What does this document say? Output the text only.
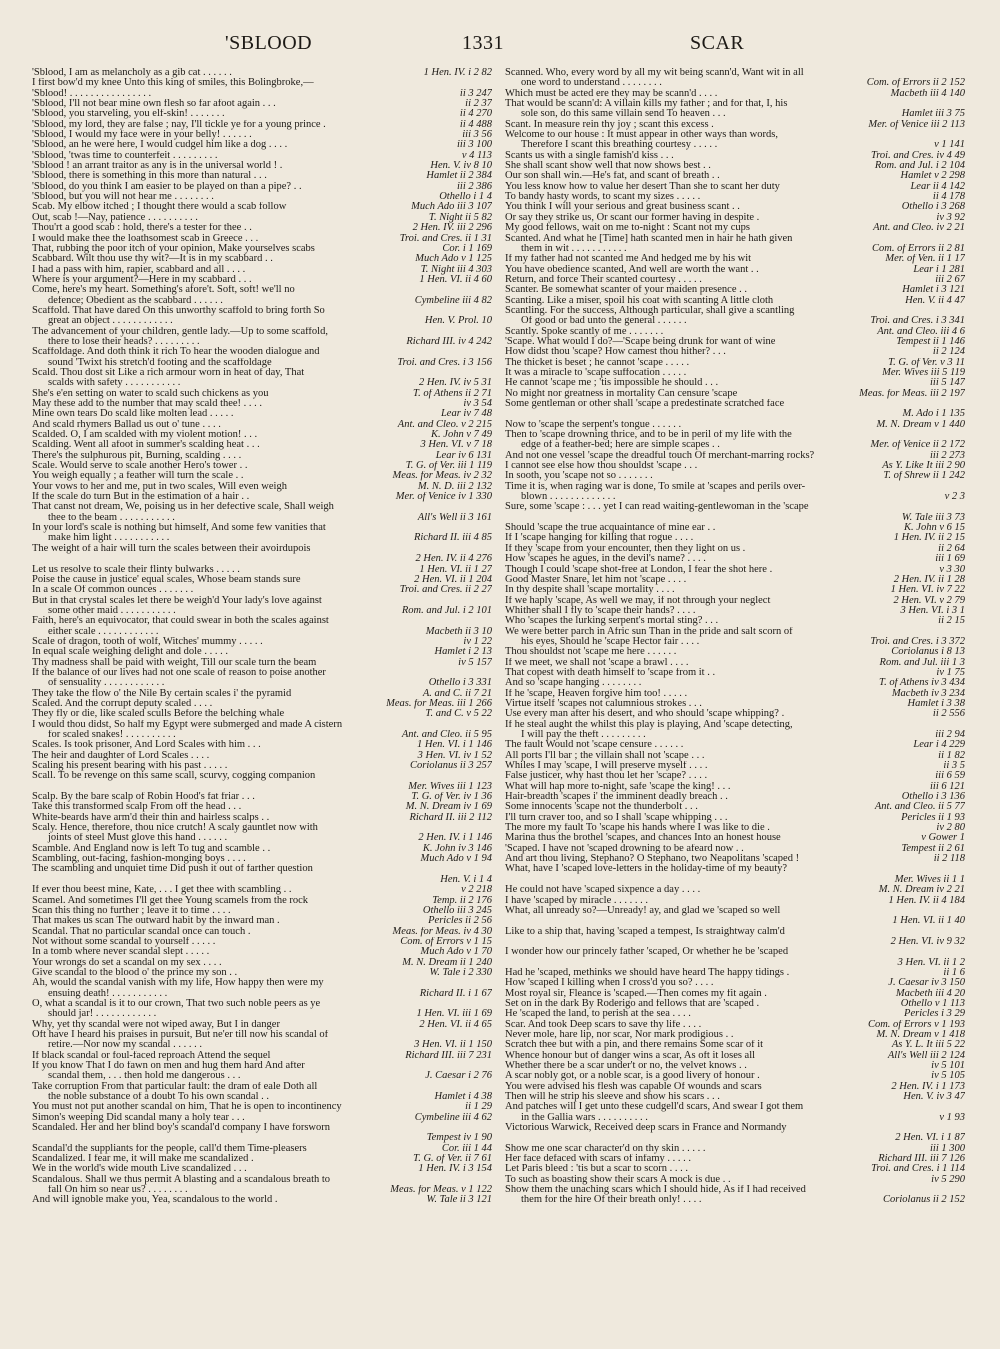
'SBLOOD	1331	SCAR
'Sblood, I am as melancholy as a gib cat . . . . . .	1 Hen. IV. i 2 82
I first bow'd my knee Unto this king of smiles, this Bolingbroke,—
'Sblood! . . . . . . . . . . . . . . . .	ii 3 247
'Sblood, I'll not bear mine own flesh so far afoot again . . .	ii 2 37
'Sblood, you starveling, you elf-skin! . . . . . . .	ii 4 270
'Sblood, my lord, they are false ; nay, I'll tickle ye for a young prince .	ii 4 488
'Sblood, I would my face were in your belly! . . . . . .	iii 3 56
'Sblood, an he were here, I would cudgel him like a dog . . . .	iii 3 100
'Sblood, 'twas time to counterfeit . . . . . . . . .	v 4 113
'Sblood ! an arrant traitor as any is in the universal world ! .	Hen. V. iv 8 10
'Sblood, there is something in this more than natural . . .	Hamlet ii 2 384
'Sblood, do you think I am easier to be played on than a pipe? . .	iii 2 386
'Sblood, but you will not hear me . . . . . . . .	Othello i 1 4
Scab. My elbow itched ; I thought there would a scab follow	Much Ado iii 3 107
Out, scab !—Nay, patience . . . . . . . . . .	T. Night ii 5 82
Thou'rt a good scab : hold, there's a tester for thee . .	2 Hen. IV. iii 2 296
I would make thee the loathsomest scab in Greece . . .	Troi. and Cres. ii 1 31
That, rubbing the poor itch of your opinion, Make yourselves scabs	Cor. i 1 169
Scabbard. Wilt thou use thy wit?—It is in my scabbard . .	Much Ado v 1 125
I had a pass with him, rapier, scabbard and all . . . .	T. Night iii 4 303
Where is your argument?—Here in my scabbard . . .	1 Hen. VI. ii 4 60
Come, here's my heart. Something's afore't. Soft, soft! we'll no
defence; Obedient as the scabbard . . . . . .	Cymbeline iii 4 82
Scaffold. That have dared On this unworthy scaffold to bring forth So
great an object . . . . . . . . . . . .	Hen. V. Prol. 10
The advancement of your children, gentle lady.—Up to some scaffold,
there to lose their heads? . . . . . . . . .	Richard III. iv 4 242
Scaffoldage. And doth think it rich To hear the wooden dialogue and
sound 'Twixt his stretch'd footing and the scaffoldage	Troi. and Cres. i 3 156
Scald. Thou dost sit Like a rich armour worn in heat of day, That
scalds with safety . . . . . . . . . . .	2 Hen. IV. iv 5 31
She's e'en setting on water to scald such chickens as you	T. of Athens ii 2 71
May these add to the number that may scald thee! . . . .	iv 3 54
Mine own tears Do scald like molten lead . . . . .	Lear iv 7 48
And scald rhymers Ballad us out o' tune . . . .	Ant. and Cleo. v 2 215
Scalded. O, I am scalded with my violent motion! . . .	K. John v 7 49
Scalding. Went all afoot in summer's scalding heat . . .	3 Hen. VI. v 7 18
There's the sulphurous pit, Burning, scalding . . . .	Lear iv 6 131
Scale. Would serve to scale another Hero's tower . .	T. G. of Ver. iii 1 119
You weigh equally ; a feather will turn the scale . .	Meas. for Meas. iv 2 32
Your vows to her and me, put in two scales, Will even weigh	M. N. D. iii 2 132
If the scale do turn But in the estimation of a hair . .	Mer. of Venice iv 1 330
That canst not dream, We, poising us in her defective scale, Shall weigh
thee to the beam . . . . . . . . . . .	All's Well ii 3 161
In your lord's scale is nothing but himself, And some few vanities that
make him light . . . . . . . . . . .	Richard II. iii 4 85
The weight of a hair will turn the scales between their avoirdupois
2 Hen. IV. ii 4 276
Let us resolve to scale their flinty bulwarks . . . . .	1 Hen. VI. ii 1 27
Poise the cause in justice' equal scales, Whose beam stands sure	2 Hen. VI. ii 1 204
In a scale Of common ounces . . . . . . .	Troi. and Cres. ii 2 27
But in that crystal scales let there be weigh'd Your lady's love against
some other maid . . . . . . . . . . .	Rom. and Jul. i 2 101
Faith, here's an equivocator, that could swear in both the scales against
either scale . . . . . . . . . . . .	Macbeth ii 3 10
Scale of dragon, tooth of wolf, Witches' mummy . . . . .	iv 1 22
In equal scale weighing delight and dole . . . . .	Hamlet i 2 13
Thy madness shall be paid with weight, Till our scale turn the beam	iv 5 157
If the balance of our lives had not one scale of reason to poise another
of sensuality . . . . . . . . . . . .	Othello i 3 331
They take the flow o' the Nile By certain scales i' the pyramid	A. and C. ii 7 21
Scaled. And the corrupt deputy scaled . . . .	Meas. for Meas. iii 1 266
They fly or die, like scaled sculls Before the belching whale	T. and C. v 5 22
I would thou didst, So half my Egypt were submerged and made A cistern
for scaled snakes! . . . . . . . . . .	Ant. and Cleo. ii 5 95
Scales. Is took prisoner, And Lord Scales with him . . .	1 Hen. VI. i 1 146
The heir and daughter of Lord Scales . . . .	3 Hen. VI. iv 1 52
Scaling his present bearing with his past . . . . .	Coriolanus ii 3 257
Scall. To be revenge on this same scall, scurvy, cogging companion
Mer. Wives iii 1 123
Scalp. By the bare scalp of Robin Hood's fat friar . . .	T. G. of Ver. iv 1 36
Take this transformed scalp From off the head . . .	M. N. Dream iv 1 69
White-beards have arm'd their thin and hairless scalps . .	Richard II. iii 2 112
Scaly. Hence, therefore, thou nice crutch! A scaly gauntlet now with
joints of steel Must glove this hand . . . . . .	2 Hen. IV. i 1 146
Scamble. And England now is left To tug and scamble . .	K. John iv 3 146
Scambling, out-facing, fashion-monging boys . . . .	Much Ado v 1 94
The scambling and unquiet time Did push it out of farther question
Hen. V. i 1 4
If ever thou beest mine, Kate, . . . I get thee with scambling . .	v 2 218
Scamel. And sometimes I'll get thee Young scamels from the rock	Temp. ii 2 176
Scan this thing no further ; leave it to time . . . .	Othello iii 3 245
That makes us scan The outward habit by the inward man .	Pericles ii 2 56
Scandal. That no particular scandal once can touch .	Meas. for Meas. iv 4 30
Not without some scandal to yourself . . . . .	Com. of Errors v 1 15
In a tomb where never scandal slept . . . . .	Much Ado v 1 70
Your wrongs do set a scandal on my sex . . . .	M. N. Dream ii 1 240
Give scandal to the blood o' the prince my son . .	W. Tale i 2 330
Ah, would the scandal vanish with my life, How happy then were my
ensuing death! . . . . . . . . . . .	Richard II. i 1 67
O, what a scandal is it to our crown, That two such noble peers as ye
should jar! . . . . . . . . . . . .	1 Hen. VI. iii 1 69
Why, yet thy scandal were not wiped away, But I in danger	2 Hen. VI. ii 4 65
Oft have I heard his praises in pursuit, But ne'er till now his scandal of
retire.—Nor now my scandal . . . . . .	3 Hen. VI. ii 1 150
If black scandal or foul-faced reproach Attend the sequel	Richard III. iii 7 231
If you know That I do fawn on men and hug them hard And after
scandal them, . . . then hold me dangerous . . .	J. Caesar i 2 76
Take corruption From that particular fault: the dram of eale Doth all
the noble substance of a doubt To his own scandal . .	Hamlet i 4 38
You must not put another scandal on him, That he is open to incontinency	ii 1 29
Simon's weeping Did scandal many a holy tear . . .	Cymbeline iii 4 62
Scandaled. Her and her blind boy's scandal'd company I have forsworn
Tempest iv 1 90
Scandal'd the suppliants for the people, call'd them Time-pleasers	Cor. iii 1 44
Scandalized. I fear me, it will make me scandalized .	T. G. of Ver. ii 7 61
We in the world's wide mouth Live scandalized . . .	1 Hen. IV. i 3 154
Scandalous. Shall we thus permit A blasting and a scandalous breath to
fall On him so near us? . . . . . . . .	Meas. for Meas. v 1 122
And will ignoble make you, Yea, scandalous to the world .	W. Tale ii 3 121
Scanned. Who, every word by all my wit being scann'd, Want wit in all
one word to understand . . . . . . . .	Com. of Errors ii 2 152
Which must be acted ere they may be scann'd . . . .	Macbeth iii 4 140
That would be scann'd: A villain kills my father ; and for that, I, his
sole son, do this same villain send To heaven . . .	Hamlet iii 3 75
Scant. In measure rein thy joy ; scant this excess .	Mer. of Venice iii 2 113
Welcome to our house : It must appear in other ways than words,
Therefore I scant this breathing courtesy . . . . .	v 1 141
Scants us with a single famish'd kiss . . .	Troi. and Cres. iv 4 49
She shall scant show well that now shows best . .	Rom. and Jul. i 2 104
Our son shall win.—He's fat, and scant of breath . .	Hamlet v 2 298
You less know how to value her desert Than she to scant her duty	Lear ii 4 142
To bandy hasty words, to scant my sizes . . . . .	ii 4 178
You think I will your serious and great business scant . .	Othello i 3 268
Or say they strike us, Or scant our former having in despite .	iv 3 92
My good fellows, wait on me to-night : Scant not my cups	Ant. and Cleo. iv 2 21
Scanted. And what he [Time] hath scanted men in hair he hath given
them in wit . . . . . . . . . . .	Com. of Errors ii 2 81
If my father had not scanted me And hedged me by his wit	Mer. of Ven. ii 1 17
You have obedience scanted, And well are worth the want . .	Lear i 1 281
Return, and force Their scanted courtesy . . . . .	iii 2 67
Scanter. Be somewhat scanter of your maiden presence . .	Hamlet i 3 121
Scanting. Like a miser, spoil his coat with scanting A little cloth	Hen. V. ii 4 47
Scantling. For the success, Although particular, shall give a scantling
Of good or bad unto the general . . . . . .	Troi. and Cres. i 3 341
Scantly. Spoke scantly of me . . . . . . .	Ant. and Cleo. iii 4 6
'Scape. What would I do?—'Scape being drunk for want of wine	Tempest ii 1 146
How didst thou 'scape? How camest thou hither? . . .	ii 2 124
The thicket is beset ; he cannot 'scape . . . . .	T. G. of Ver. v 3 11
It was a miracle to 'scape suffocation . . . . .	Mer. Wives iii 5 119
He cannot 'scape me ; 'tis impossible he should . . .	iii 5 147
No might nor greatness in mortality Can censure 'scape	Meas. for Meas. iii 2 197
Some gentleman or other shall 'scape a predestinate scratched face
M. Ado i 1 135
Now to 'scape the serpent's tongue . . . . . .	M. N. Dream v 1 440
Then to 'scape drowning thrice, and to be in peril of my life with the
edge of a feather-bed; here are simple scapes . .	Mer. of Venice ii 2 172
And not one vessel 'scape the dreadful touch Of merchant-marring rocks?	iii 2 273
I cannot see else how thou shouldst 'scape . . .	As Y. Like It iii 2 90
In sooth, you 'scape not so . . . . . . .	T. of Shrew ii 1 242
Time it is, when raging war is done, To smile at 'scapes and perils over-
blown . . . . . . . . . . . . .	v 2 3
Sure, some 'scape : . . . yet I can read waiting-gentlewoman in the 'scape
W. Tale iii 3 73
Should 'scape the true acquaintance of mine ear . .	K. John v 6 15
If I 'scape hanging for killing that rogue . . . .	1 Hen. IV. ii 2 15
If they 'scape from your encounter, then they light on us .	ii 2 64
How 'scapes he agues, in the devil's name? . . . .	iii 1 69
Though I could 'scape shot-free at London, I fear the shot here .	v 3 30
Good Master Snare, let him not 'scape . . . .	2 Hen. IV. ii 1 28
In thy despite shall 'scape mortality . . . .	1 Hen. VI. iv 7 22
If we haply 'scape, As well we may, if not through your neglect	2 Hen. VI. v 2 79
Whither shall I fly to 'scape their hands? . . . .	3 Hen. VI. i 3 1
Who 'scapes the lurking serpent's mortal sting? . . .	ii 2 15
We were better parch in Afric sun Than in the pride and salt scorn of
his eyes, Should he 'scape Hector fair . . . .	Troi. and Cres. i 3 372
Thou shouldst not 'scape me here . . . . . .	Coriolanus i 8 13
If we meet, we shall not 'scape a brawl . . . .	Rom. and Jul. iii 1 3
That copest with death himself to 'scape from it . .	iv 1 75
And so 'scape hanging . . . . . . . .	T. of Athens iv 3 434
If he 'scape, Heaven forgive him too! . . . . .	Macbeth iv 3 234
Virtue itself 'scapes not calumnious strokes . . .	Hamlet i 3 38
Use every man after his desert, and who should 'scape whipping? .	ii 2 556
If he steal aught the whilst this play is playing, And 'scape detecting,
I will pay the theft . . . . . . . . .	iii 2 94
The fault Would not 'scape censure . . . . . .	Lear i 4 229
All ports I'll bar ; the villain shall not 'scape . . .	ii 1 82
Whiles I may 'scape, I will preserve myself . . . .	ii 3 5
False justicer, why hast thou let her 'scape? . . . .	iii 6 59
What will hap more to-night, safe 'scape the king! . . .	iii 6 121
Hair-breadth 'scapes i' the imminent deadly breach . .	Othello i 3 136
Some innocents 'scape not the thunderbolt . . .	Ant. and Cleo. ii 5 77
I'll turn craver too, and so I shall 'scape whipping . . .	Pericles ii 1 93
The more my fault To 'scape his hands where I was like to die .	iv 2 80
Marina thus the brothel 'scapes, and chances Into an honest house	v Gower 1
'Scaped. I have not 'scaped drowning to be afeard now . .	Tempest ii 2 61
And art thou living, Stephano? O Stephano, two Neapolitans 'scaped !	ii 2 118
What, have I 'scaped love-letters in the holiday-time of my beauty?
Mer. Wives ii 1 1
He could not have 'scaped sixpence a day . . . .	M. N. Dream iv 2 21
I have 'scaped by miracle . . . . . . .	1 Hen. IV. ii 4 184
What, all unready so?—Unready! ay, and glad we 'scaped so well
1 Hen. VI. ii 1 40
Like to a ship that, having 'scaped a tempest, Is straightway calm'd
2 Hen. VI. iv 9 32
I wonder how our princely father 'scaped, Or whether he be 'scaped
3 Hen. VI. ii 1 2
Had he 'scaped, methinks we should have heard The happy tidings .	ii 1 6
How 'scaped I killing when I cross'd you so? . . . .	J. Caesar iv 3 150
Most royal sir, Fleance is 'scaped.—Then comes my fit again .	Macbeth iii 4 20
Set on in the dark By Roderigo and fellows that are 'scaped .	Othello v 1 113
He 'scaped the land, to perish at the sea . . . .	Pericles i 3 29
Scar. And took Deep scars to save thy life . . . .	Com. of Errors v 1 193
Never mole, hare lip, nor scar, Nor mark prodigious . .	M. N. Dream v 1 418
Scratch thee but with a pin, and there remains Some scar of it	As Y. L. It iii 5 22
Whence honour but of danger wins a scar, As oft it loses all	All's Well iii 2 124
Whether there be a scar under't or no, the velvet knows . .	iv 5 101
A scar nobly got, or a noble scar, is a good livery of honour .	iv 5 105
You were advised his flesh was capable Of wounds and scars	2 Hen. IV. i 1 173
Then will he strip his sleeve and show his scars . . .	Hen. V. iv 3 47
And patches will I get unto these cudgell'd scars, And swear I got them
in the Gallia wars . . . . . . . . . .	v 1 93
Victorious Warwick, Received deep scars in France and Normandy
2 Hen. VI. i 1 87
Show me one scar character'd on thy skin . . . . .	iii 1 300
Her face defaced with scars of infamy . . . . .	Richard III. iii 7 126
Let Paris bleed : 'tis but a scar to scorn . . . .	Troi. and Cres. i 1 114
To such as boasting show their scars A mock is due . .	iv 5 290
Show them the unaching scars which I should hide, As if I had received
them for the hire Of their breath only! . . . .	Coriolanus ii 2 152
